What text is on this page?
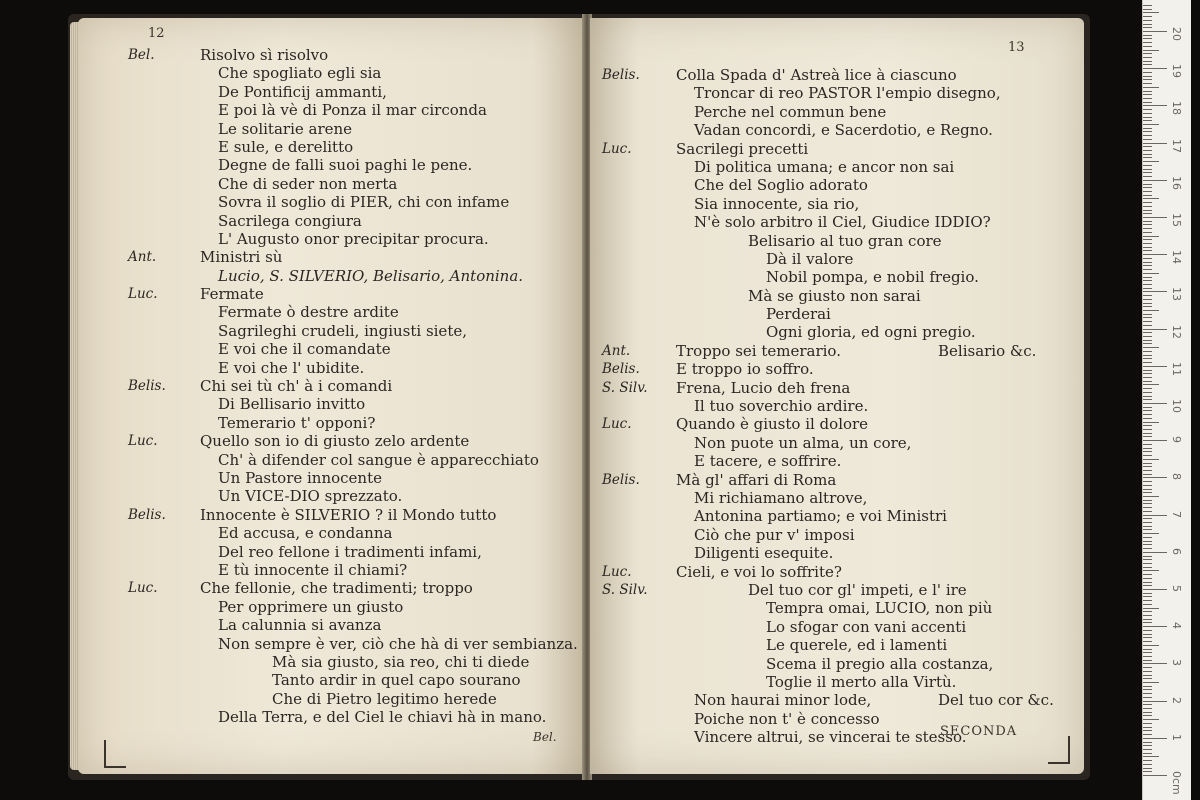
12
Bel.	Risolvo sì risolvo
Che spogliato egli sia
De Pontificij ammanti,
E poi là vè di Ponza il mar circonda
Le solitarie arene
E sule, e derelitto
Degne de falli suoi paghi le pene.
Che di seder non merta
Sovra il soglio di PIER, chi con infame
Sacrilega congiura
L' Augusto onor precipitar procura.
Ant.	Ministri sù
Lucio, S. SILVERIO, Belisario, Antonina.
Luc.	Fermate
Fermate ò destre ardite
Sagrileghi crudeli, ingiusti siete,
E voi che il comandate
E voi che l' ubidite.
Belis. Chi sei tù ch' à i comandi
Di Bellisario invitto
Temerario t' opponi?
Luc.	Quello son io di giusto zelo ardente
Ch' à difender col sangue è apparecchiato
Un Pastore innocente
Un VICE-DIO sprezzato.
Belis. Innocente è SILVERIO ? il Mondo tutto
Ed accusa, e condanna
Del reo fellone i tradimenti infami,
E tù innocente il chiami?
Luc.	Che fellonie, che tradimenti; troppo
Per opprimere un giusto
La calunnia si avanza
Non sempre è ver, ciò che hà di ver sembianza.
Mà sia giusto, sia reo, chi ti diede
Tanto ardir in quel capo sourano
Che di Pietro legitimo herede
Della Terra, e del Ciel le chiavi hà in mano.
Bel.
13
Belis. Colla Spada d' Astreà lice à ciascuno
Troncar di reo PASTOR l'empio disegno,
Perche nel commun bene
Vadan concordi, e Sacerdotio, e Regno.
Luc.	Sacrilegi precetti
Di politica umana; e ancor non sai
Che del Soglio adorato
Sia innocente, sia rio,
N'è solo arbitro il Ciel, Giudice IDDIO?
Belisario al tuo gran core
Dà il valore
Nobil pompa, e nobil fregio.
Mà se giusto non sarai
Perderai
Ogni gloria, ed ogni pregio.
Ant.	Troppo sei temerario.	Belisario &c.
Belis. E troppo io soffro.
S. Silv. Frena, Lucio deh frena
Il tuo soverchio ardire.
Luc.	Quando è giusto il dolore
Non puote un alma, un core,
E tacere, e soffrire.
Belis. Mà gl' affari di Roma
Mi richiamano altrove,
Antonina partiamo; e voi Ministri
Ciò che pur v' imposi
Diligenti esequite.
Luc.	Cieli, e voi lo soffrite?
S. Silv.	Del tuo cor gl' impeti, e l' ire
Tempra omai, LUCIO, non più
Lo sfogar con vani accenti
Le querele, ed i lamenti
Scema il pregio alla costanza,
Toglie il merto alla Virtù.
Non haurai minor lode,	Del tuo cor &c.
Poiche non t' è concesso
Vincere altrui, se vincerai te stesso.
SECONDA
0cm
1
2
3
4
5
6
7
8
9
10
11
12
13
14
15
16
17
18
19
20
